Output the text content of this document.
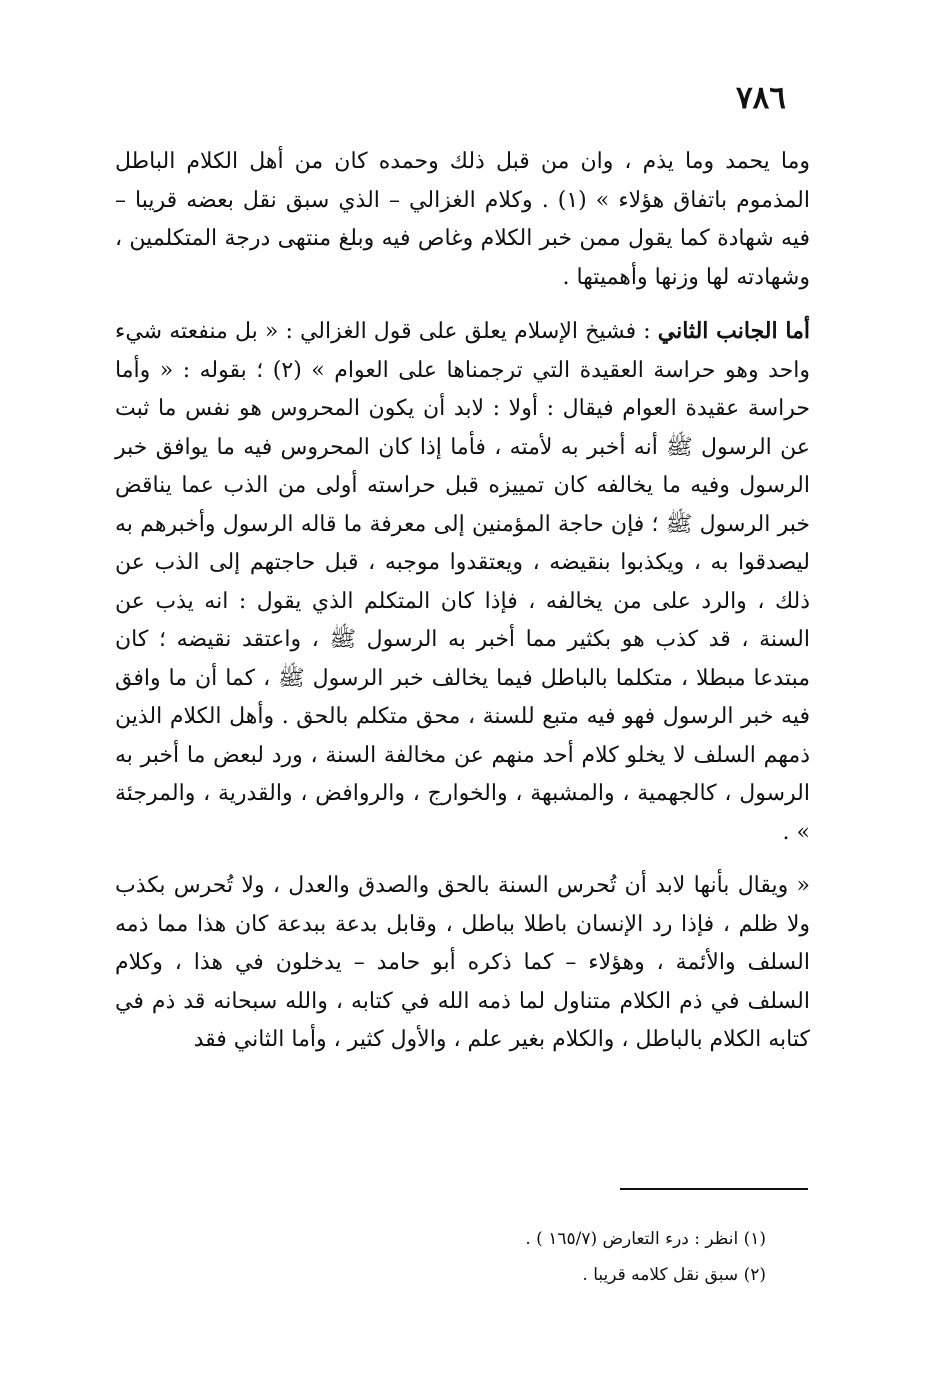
٧٨٦

وما يحمد وما يذم ، وان من قبل ذلك وحمده كان من أهل الكلام الباطل المذموم باتفاق هؤلاء » (١) . وكلام الغزالي – الذي سبق نقل بعضه قريبا – فيه شهادة كما يقول ممن خبر الكلام وغاص فيه وبلغ منتهى درجة المتكلمين ، وشهادته لها وزنها وأهميتها .

أما الجانب الثاني : فشيخ الإسلام يعلق على قول الغزالي : « بل منفعته شيء واحد وهو حراسة العقيدة التي ترجمناها على العوام » (٢) ؛ بقوله : « وأما حراسة عقيدة العوام فيقال : أولا : لابد أن يكون المحروس هو نفس ما ثبت عن الرسول ﷺ أنه أخبر به لأمته ، فأما إذا كان المحروس فيه ما يوافق خبر الرسول وفيه ما يخالفه كان تمييزه قبل حراسته أولى من الذب عما يناقض خبر الرسول ﷺ ؛ فإن حاجة المؤمنين إلى معرفة ما قاله الرسول وأخبرهم به ليصدقوا به ، ويكذبوا بنقيضه ، ويعتقدوا موجبه ، قبل حاجتهم إلى الذب عن ذلك ، والرد على من يخالفه ، فإذا كان المتكلم الذي يقول : انه يذب عن السنة ، قد كذب هو بكثير مما أخبر به الرسول ﷺ ، واعتقد نقيضه ؛ كان مبتدعا مبطلا ، متكلما بالباطل فيما يخالف خبر الرسول ﷺ ، كما أن ما وافق فيه خبر الرسول فهو فيه متبع للسنة ، محق متكلم بالحق . وأهل الكلام الذين ذمهم السلف لا يخلو كلام أحد منهم عن مخالفة السنة ، ورد لبعض ما أخبر به الرسول ، كالجهمية ، والمشبهة ، والخوارج ، والروافض ، والقدرية ، والمرجئة » .

« ويقال بأنها لابد أن تُحرس السنة بالحق والصدق والعدل ، ولا تُحرس بكذب ولا ظلم ، فإذا رد الإنسان باطلا بباطل ، وقابل بدعة ببدعة كان هذا مما ذمه السلف والأئمة ، وهؤلاء – كما ذكره أبو حامد – يدخلون في هذا ، وكلام السلف في ذم الكلام متناول لما ذمه الله في كتابه ، والله سبحانه قد ذم في كتابه الكلام بالباطل ، والكلام بغير علم ، والأول كثير ، وأما الثاني فقد

(١) انظر : درء التعارض (١٦٥/٧ ) .

(٢) سبق نقل كلامه قريبا .
